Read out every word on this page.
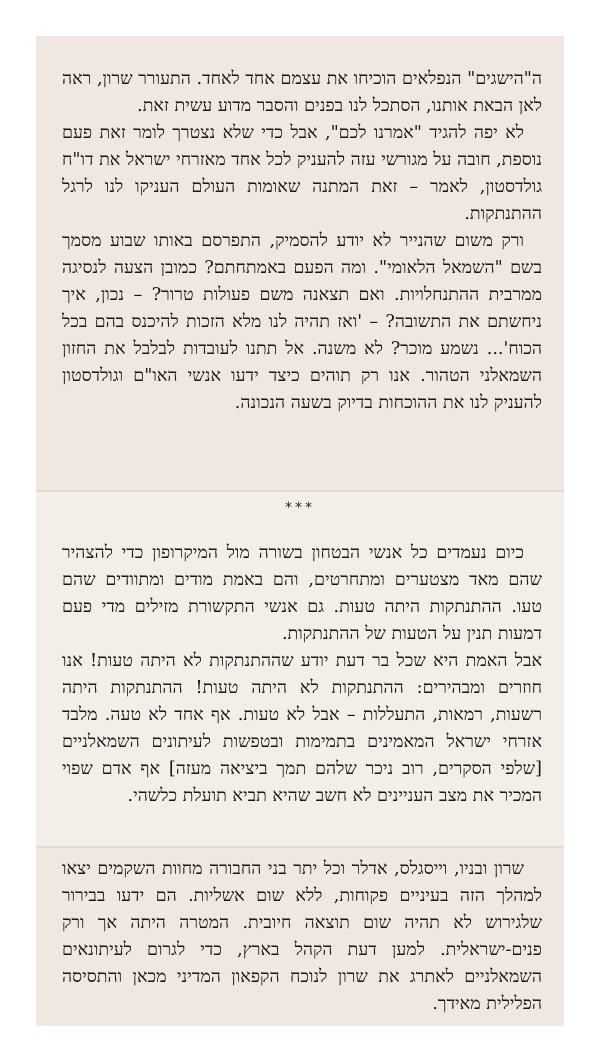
ה"הישגים" הנפלאים הוכיחו את עצמם אחד לאחד. התעורר שרון, ראה לאן הבאת אותנו, הסתכל לנו בפנים והסבר מדוע עשית זאת.

לא יפה להגיד "אמרנו לכם", אבל כדי שלא נצטרך לומר זאת פעם נוספת, חובה על מגורשי עזה להעניק לכל אחד מאזרחי ישראל את דו"ח גולדסטון, לאמר – זאת המתנה שאומות העולם העניקו לנו לרגל ההתנתקות.

ורק משום שהנייר לא יודע להסמיק, התפרסם באותו שבוע מסמך בשם "השמאל הלאומי". ומה הפעם באמתחתם? כמובן הצעה לנסיגה ממרבית ההתנחלויות. ואם תצאנה משם פעולות טרור? – נכון, איך ניחשתם את התשובה? – 'ואז תהיה לנו מלא הזכות להיכנס בהם בכל הכוח'... נשמע מוכר? לא משנה. אל תתנו לעובדות לבלבל את החזון השמאלני הטהור. אנו רק תוהים כיצד ידעו אנשי האו"ם וגולדסטון להעניק לנו את ההוכחות בדיוק בשעה הנכונה.

***

כיום נעמדים כל אנשי הבטחון בשורה מול המיקרופון כדי להצהיר שהם מאד מצטערים ומתחרטים, והם באמת מודים ומתוודים שהם טעו. ההתנתקות היתה טעות. גם אנשי התקשורת מזילים מדי פעם דמעות תנין על הטעות של ההתנתקות.

אבל האמת היא שכל בר דעת יודע שההתנתקות לא היתה טעות! אנו חוזרים ומבהירים: ההתנתקות לא היתה טעות! ההתנתקות היתה רשעות, רמאות, התעללות – אבל לא טעות. אף אחד לא טעה. מלבד אזרחי ישראל המאמינים בתמימות ובטפשות לעיתונים השמאלניים [שלפי הסקרים, רוב ניכר שלהם תמך ביציאה מעזה] אף אדם שפוי המכיר את מצב העניינים לא חשב שהיא תביא תועלת כלשהי.

שרון ובניו, וייסגלס, אדלר וכל יתר בני החבורה מחוות השקמים יצאו למהלך הזה בעיניים פקוחות, ללא שום אשליות. הם ידעו בבירור שלגירוש לא תהיה שום תוצאה חיובית. המטרה היתה אך ורק פנים-ישראלית. למען דעת הקהל בארץ, כדי לגרום לעיתונאים השמאלניים לאתרג את שרון לנוכח הקפאון המדיני מכאן והתסיסה הפלילית מאידך.
